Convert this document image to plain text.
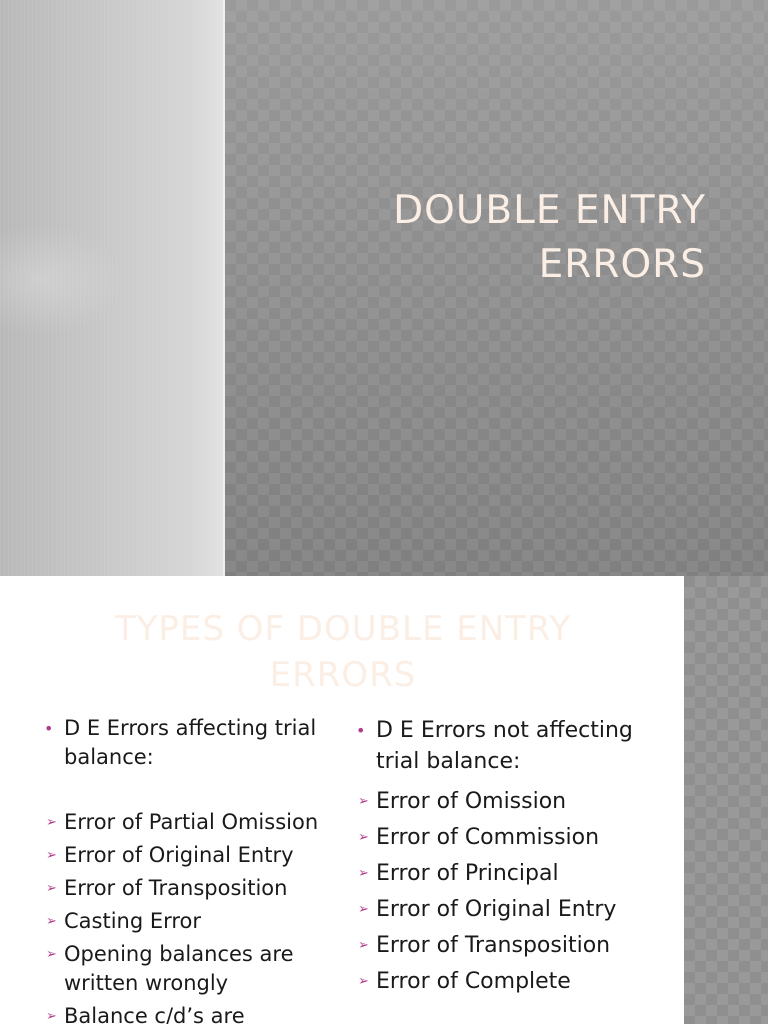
DOUBLE ENTRY
ERRORS
TYPES OF DOUBLE ENTRY
ERRORS
• D E Errors affecting trial balance:
➢ Error of Partial Omission
➢ Error of Original Entry
➢ Error of Transposition
➢ Casting Error
➢ Opening balances are written wrongly
➢ Balance c/d’s are
• D E Errors not affecting trial balance:
➢ Error of Omission
➢ Error of Commission
➢ Error of Principal
➢ Error of Original Entry
➢ Error of Transposition
➢ Error of Complete
